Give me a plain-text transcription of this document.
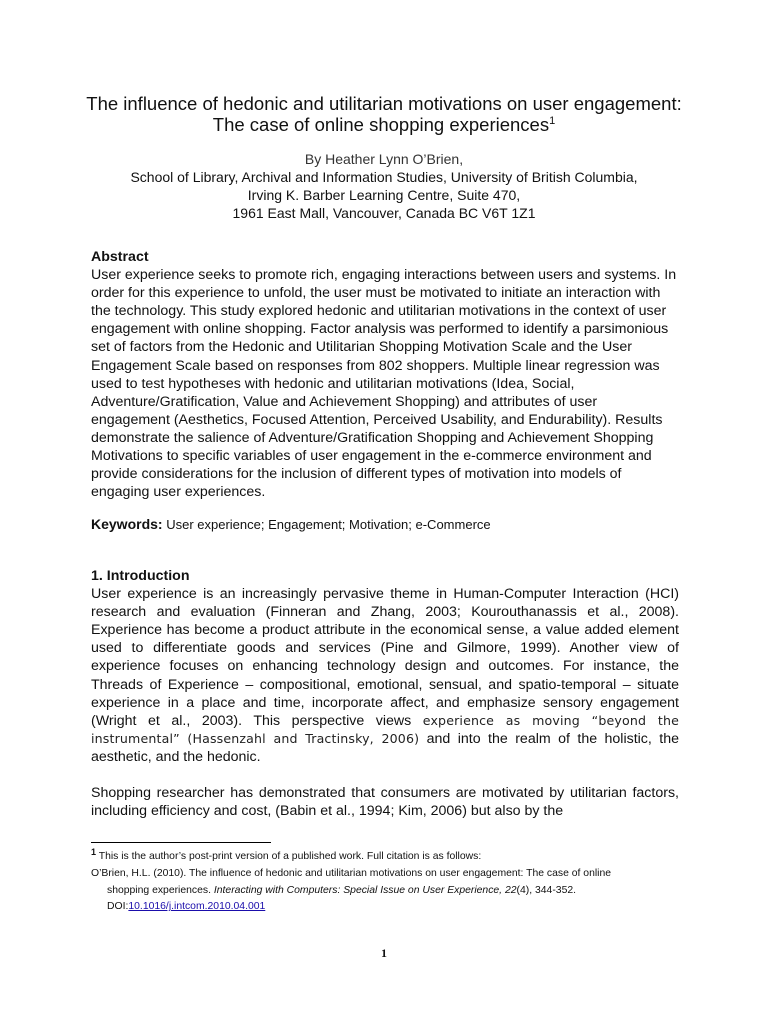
The influence of hedonic and utilitarian motivations on user engagement:
The case of online shopping experiences$^1$
By Heather Lynn O’Brien,
School of Library, Archival and Information Studies, University of British Columbia,
Irving K. Barber Learning Centre, Suite 470,
1961 East Mall, Vancouver, Canada BC V6T 1Z1
Abstract
User experience seeks to promote rich, engaging interactions between users and systems. In order for this experience to unfold, the user must be motivated to initiate an interaction with the technology. This study explored hedonic and utilitarian motivations in the context of user engagement with online shopping. Factor analysis was performed to identify a parsimonious set of factors from the Hedonic and Utilitarian Shopping Motivation Scale and the User Engagement Scale based on responses from 802 shoppers. Multiple linear regression was used to test hypotheses with hedonic and utilitarian motivations (Idea, Social, Adventure/Gratification, Value and Achievement Shopping) and attributes of user engagement (Aesthetics, Focused Attention, Perceived Usability, and Endurability). Results demonstrate the salience of Adventure/Gratification Shopping and Achievement Shopping Motivations to specific variables of user engagement in the e-commerce environment and provide considerations for the inclusion of different types of motivation into models of engaging user experiences.
Keywords: User experience; Engagement; Motivation; e-Commerce
1. Introduction
User experience is an increasingly pervasive theme in Human-Computer Interaction (HCI) research and evaluation (Finneran and Zhang, 2003; Kourouthanassis et al., 2008). Experience has become a product attribute in the economical sense, a value added element used to differentiate goods and services (Pine and Gilmore, 1999). Another view of experience focuses on enhancing technology design and outcomes. For instance, the Threads of Experience – compositional, emotional, sensual, and spatio-temporal – situate experience in a place and time, incorporate affect, and emphasize sensory engagement (Wright et al., 2003). This perspective views experience as moving “beyond the instrumental” (Hassenzahl and Tractinsky, 2006) and into the realm of the holistic, the aesthetic, and the hedonic.
Shopping researcher has demonstrated that consumers are motivated by utilitarian factors, including efficiency and cost, (Babin et al., 1994; Kim, 2006) but also by the
$^1$ This is the author’s post-print version of a published work. Full citation is as follows:
O’Brien, H.L. (2010). The influence of hedonic and utilitarian motivations on user engagement: The case of online
shopping experiences. Interacting with Computers: Special Issue on User Experience, 22(4), 344-352.
DOI:10.1016/j.intcom.2010.04.001
1
